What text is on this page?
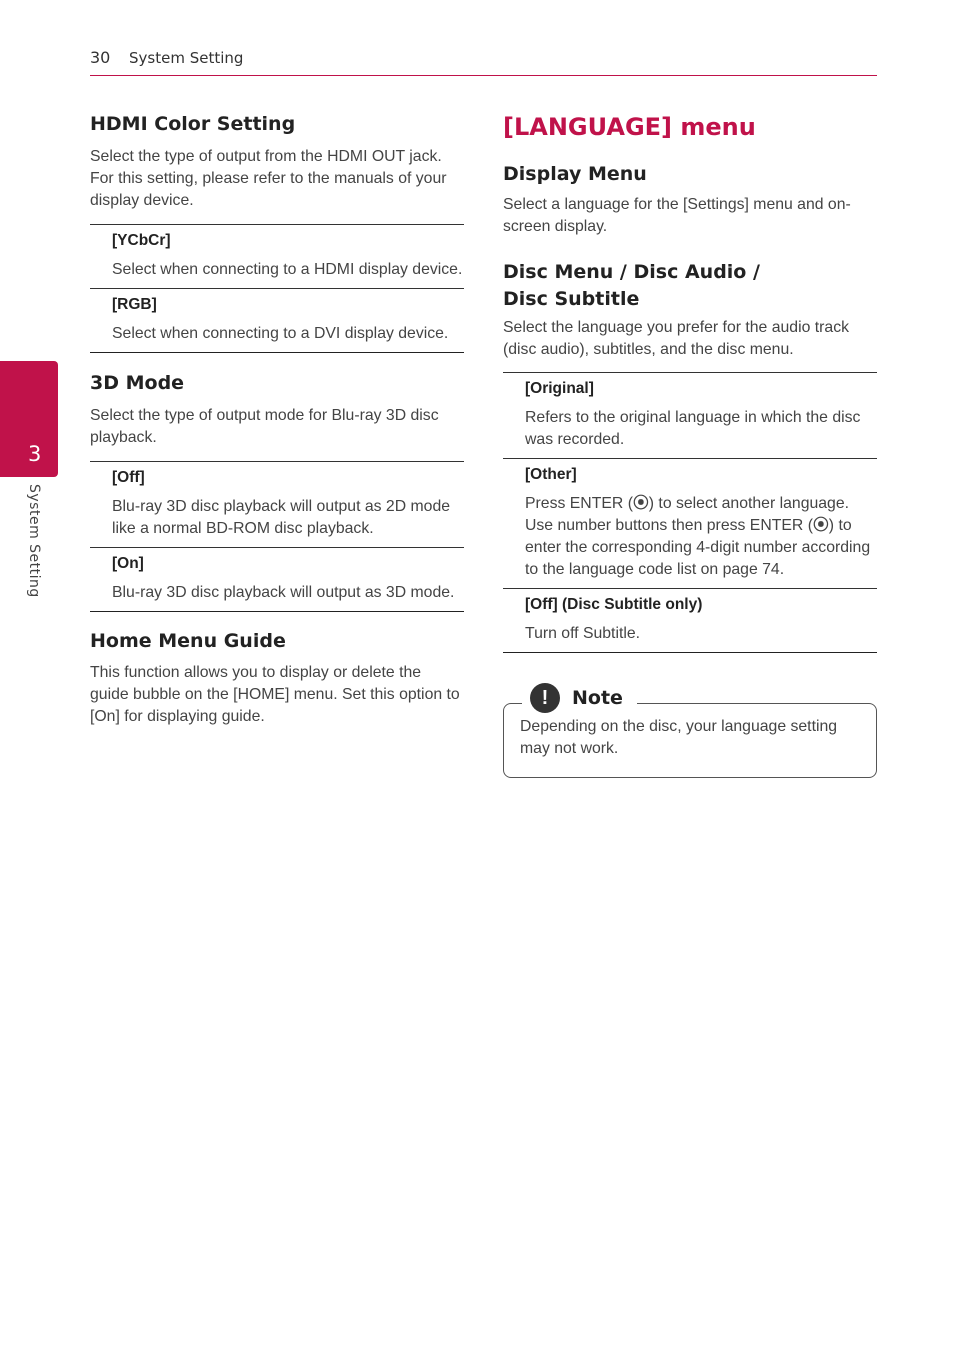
30 System Setting
3
System Setting
HDMI Color Setting

Select the type of output from the HDMI OUT jack. For this setting, please refer to the manuals of your display device.

[YCbCr]
Select when connecting to a HDMI display device.
[RGB]
Select when connecting to a DVI display device.
3D Mode

Select the type of output mode for Blu-ray 3D disc playback.

[Off]
Blu-ray 3D disc playback will output as 2D mode like a normal BD-ROM disc playback.
[On]
Blu-ray 3D disc playback will output as 3D mode.
Home Menu Guide

This function allows you to display or delete the guide bubble on the [HOME] menu. Set this option to [On] for displaying guide.

[LANGUAGE] menu
Display Menu

Select a language for the [Settings] menu and on-screen display.

Disc Menu / Disc Audio /
Disc Subtitle

Select the language you prefer for the audio track (disc audio), subtitles, and the disc menu.

[Original]
Refers to the original language in which the disc was recorded.
[Other]
Press ENTER (⦿) to select another language. Use number buttons then press ENTER (⦿) to enter the corresponding 4-digit number according to the language code list on page 74.
[Off] (Disc Subtitle only)
Turn off Subtitle.
!	Note
Depending on the disc, your language setting may not work.
